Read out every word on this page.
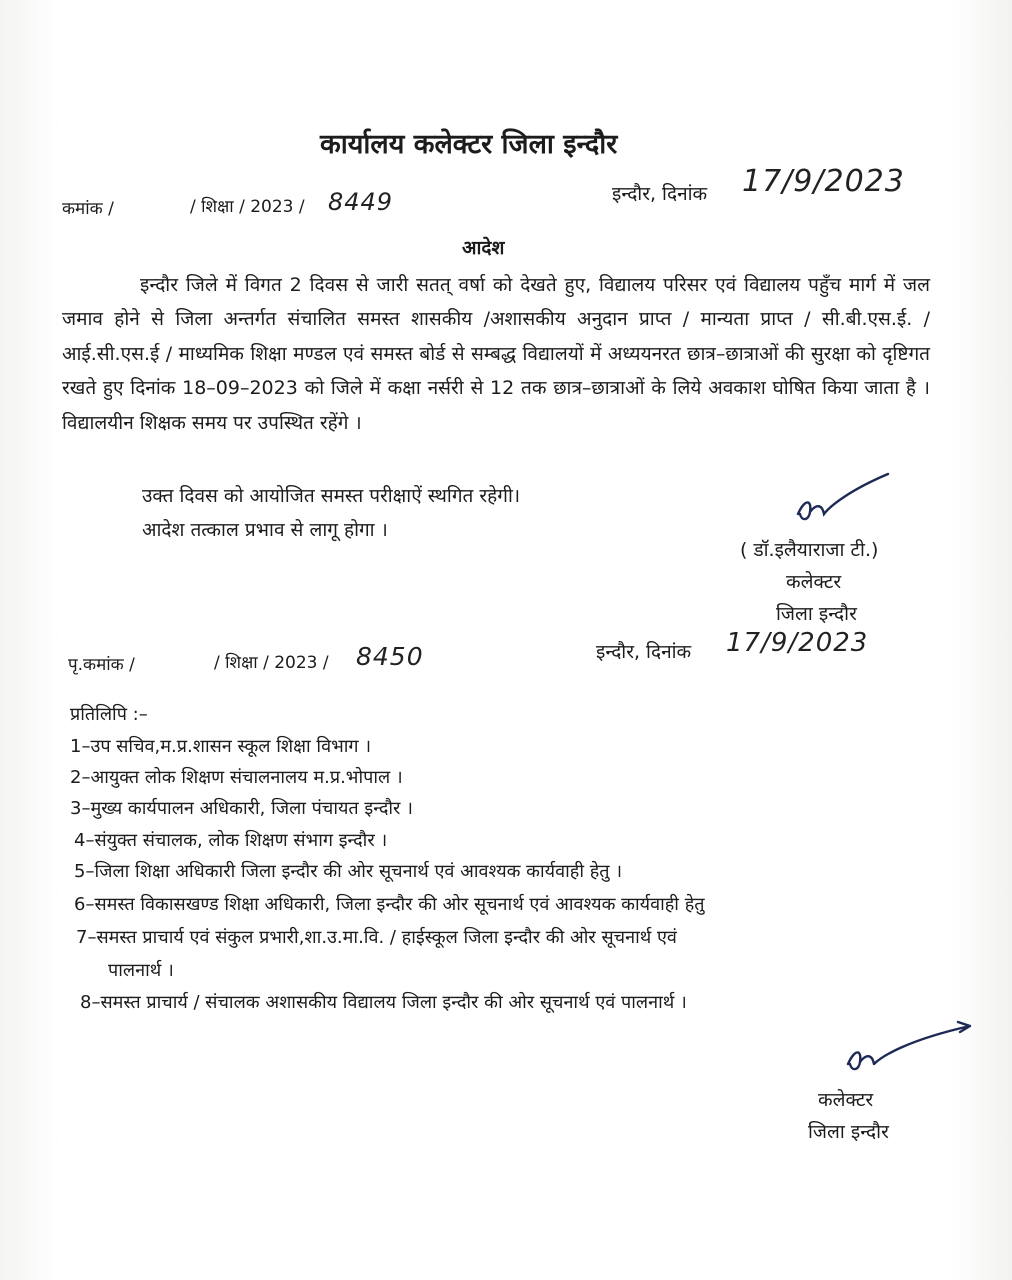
कार्यालय कलेक्टर जिला इन्दौर
कमांक /	/ शिक्षा / 2023 / 8449	इन्दौर, दिनांक 17/9/2023
आदेश

इन्दौर जिले में विगत 2 दिवस से जारी सतत् वर्षा को देखते हुए, विद्यालय परिसर एवं विद्यालय पहुँच मार्ग में जल जमाव होने से जिला अन्तर्गत संचालित समस्त शासकीय /अशासकीय अनुदान प्राप्त / मान्यता प्राप्त / सी.बी.एस.ई. / आई.सी.एस.ई / माध्यमिक शिक्षा मण्डल एवं समस्त बोर्ड से सम्बद्ध विद्यालयों में अध्ययनरत छात्र–छात्राओं की सुरक्षा को दृष्टिगत रखते हुए दिनांक 18–09–2023 को जिले में कक्षा नर्सरी से 12 तक छात्र–छात्राओं के लिये अवकाश घोषित किया जाता है । विद्यालयीन शिक्षक समय पर उपस्थित रहेंगे ।

उक्त दिवस को आयोजित समस्त परीक्षाऐं स्थगित रहेगी।
आदेश तत्काल प्रभाव से लागू होगा ।
( डॉ.इलैयाराजा टी.)
कलेक्टर
जिला इन्दौर
पृ.कमांक /	/ शिक्षा / 2023 / 8450	इन्दौर, दिनांक 17/9/2023
प्रतिलिपि :–
1–उप सचिव,म.प्र.शासन स्कूल शिक्षा विभाग ।
2–आयुक्त लोक शिक्षण संचालनालय म.प्र.भोपाल ।
3–मुख्य कार्यपालन अधिकारी, जिला पंचायत इन्दौर ।
4–संयुक्त संचालक, लोक शिक्षण संभाग इन्दौर ।
5–जिला शिक्षा अधिकारी जिला इन्दौर की ओर सूचनार्थ एवं आवश्यक कार्यवाही हेतु ।
6–समस्त विकासखण्ड शिक्षा अधिकारी, जिला इन्दौर की ओर सूचनार्थ एवं आवश्यक कार्यवाही हेतु
7–समस्त प्राचार्य एवं संकुल प्रभारी,शा.उ.मा.वि. / हाईस्कूल जिला इन्दौर की ओर सूचनार्थ एवं
पालनार्थ ।
8–समस्त प्राचार्य / संचालक अशासकीय विद्यालय जिला इन्दौर की ओर सूचनार्थ एवं पालनार्थ ।
कलेक्टर
जिला इन्दौर
